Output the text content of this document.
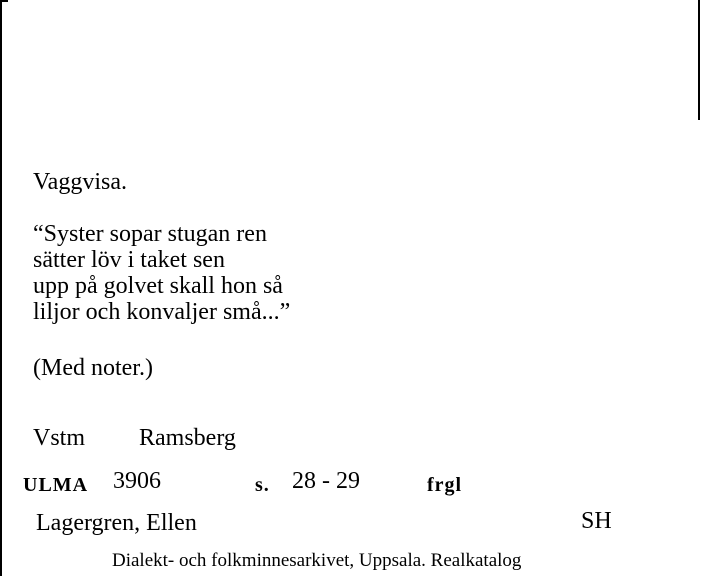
Vaggvisa.
“Syster sopar stugan ren
sätter löv i taket sen
upp på golvet skall hon så
liljor och konvaljer små...”
(Med noter.)
Vstm Ramsberg
ULMA 3906	s. 28 - 29	frgl
Lagergren, Ellen	SH
Dialekt- och folkminnesarkivet, Uppsala. Realkatalog
